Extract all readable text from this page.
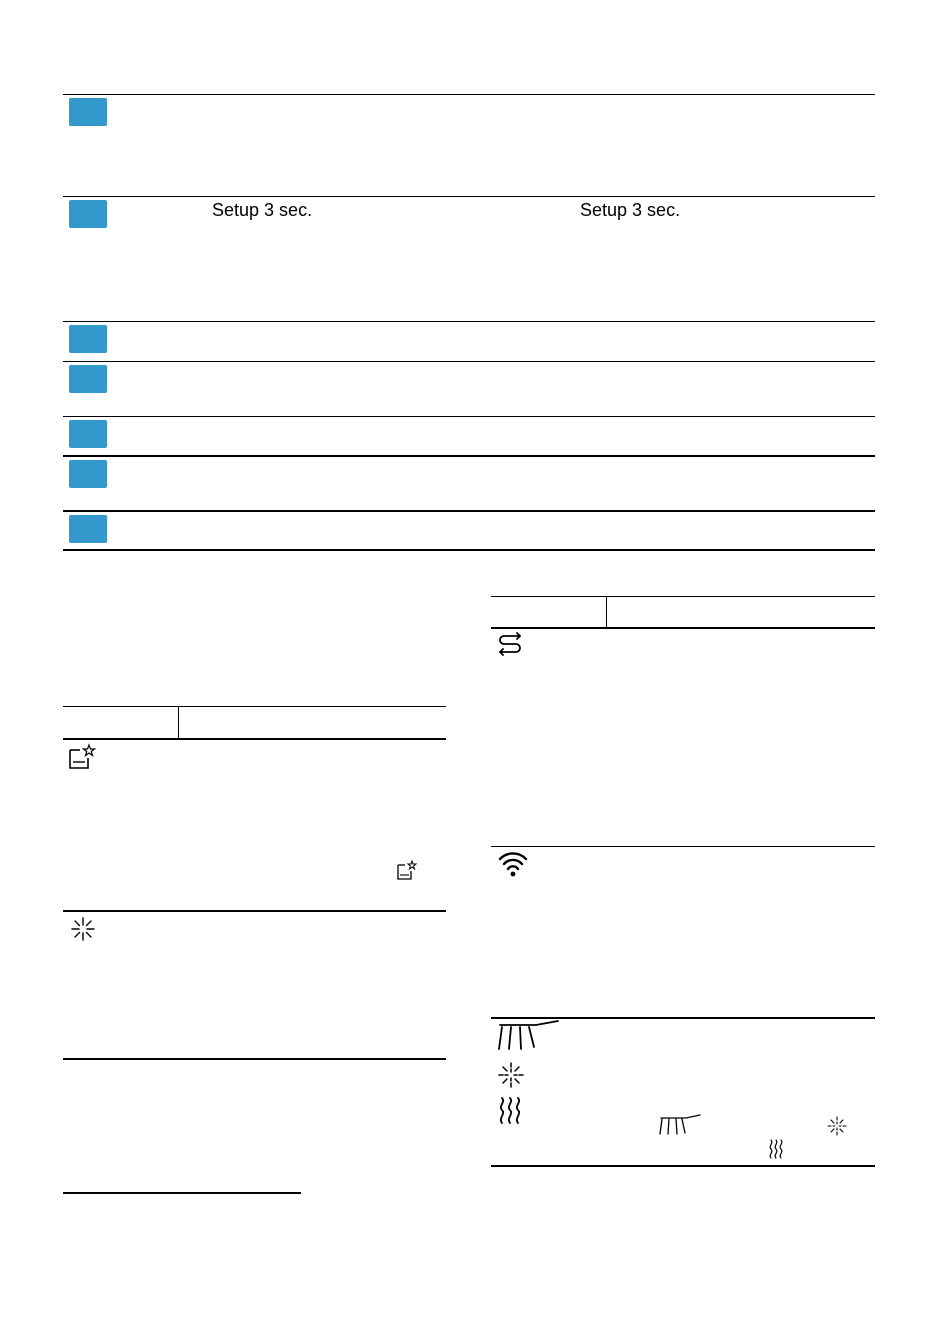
Setup 3 sec.	Setup 3 sec.
